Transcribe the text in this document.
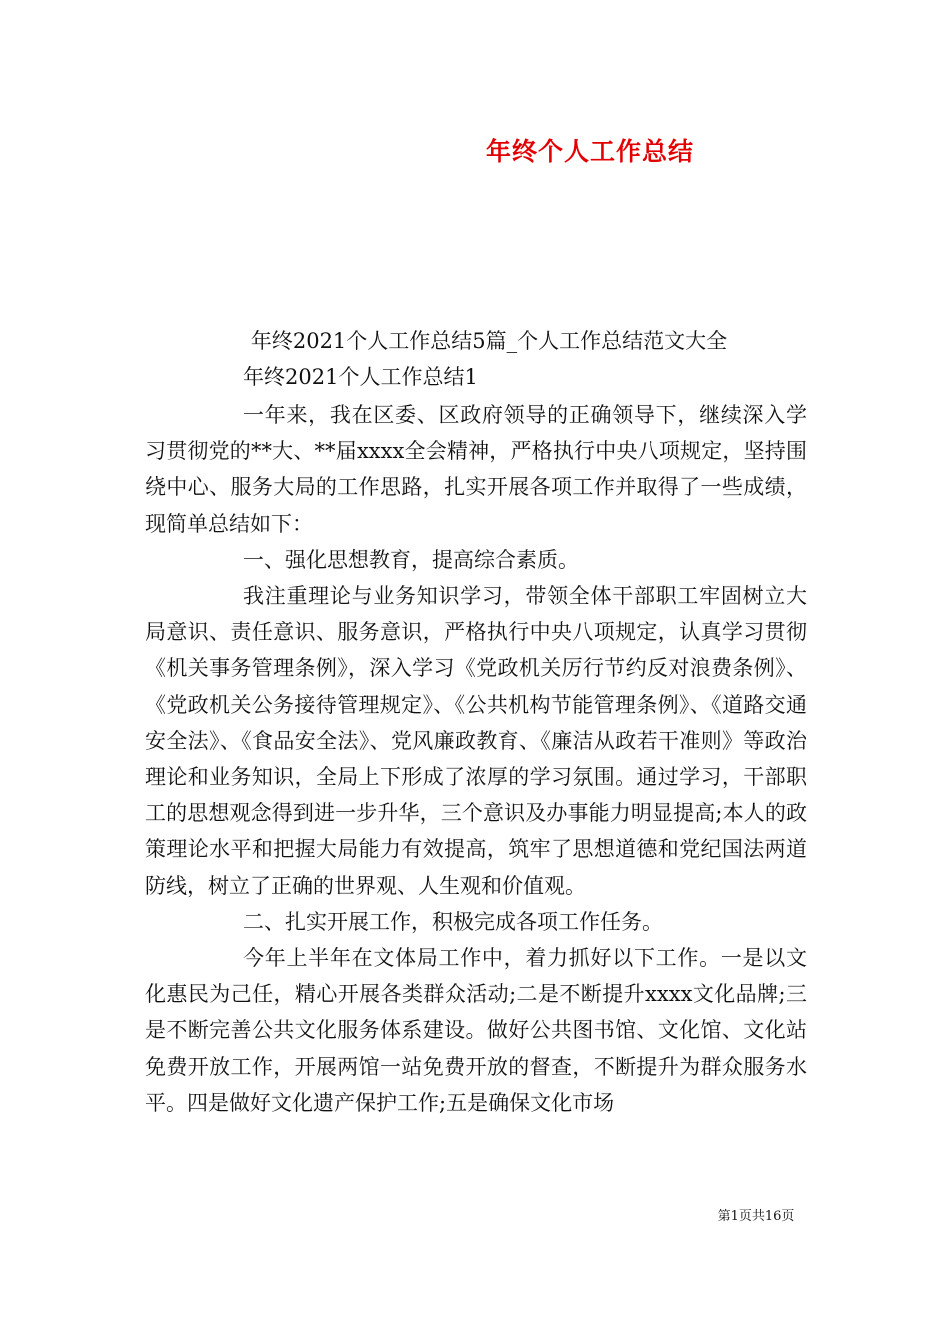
年终个人工作总结
年终2021个人工作总结5篇_个人工作总结范文大全
年终2021个人工作总结1

一年来，我在区委、区政府领导的正确领导下，继续深入学习贯彻党的**大、**届xxxx全会精神，严格执行中央八项规定，坚持围绕中心、服务大局的工作思路，扎实开展各项工作并取得了一些成绩，现简单总结如下：

一、强化思想教育，提高综合素质。

我注重理论与业务知识学习，带领全体干部职工牢固树立大局意识、责任意识、服务意识，严格执行中央八项规定，认真学习贯彻《机关事务管理条例》，深入学习《党政机关厉行节约反对浪费条例》、《党政机关公务接待管理规定》、《公共机构节能管理条例》、《道路交通安全法》、《食品安全法》、党风廉政教育、《廉洁从政若干准则》等政治理论和业务知识，全局上下形成了浓厚的学习氛围。通过学习，干部职工的思想观念得到进一步升华，三个意识及办事能力明显提高;本人的政策理论水平和把握大局能力有效提高，筑牢了思想道德和党纪国法两道防线，树立了正确的世界观、人生观和价值观。

二、扎实开展工作，积极完成各项工作任务。

今年上半年在文体局工作中，着力抓好以下工作。一是以文化惠民为己任，精心开展各类群众活动;二是不断提升xxxx文化品牌;三是不断完善公共文化服务体系建设。做好公共图书馆、文化馆、文化站免费开放工作，开展两馆一站免费开放的督查，不断提升为群众服务水平。四是做好文化遗产保护工作;五是确保文化市场

第1页共16页
